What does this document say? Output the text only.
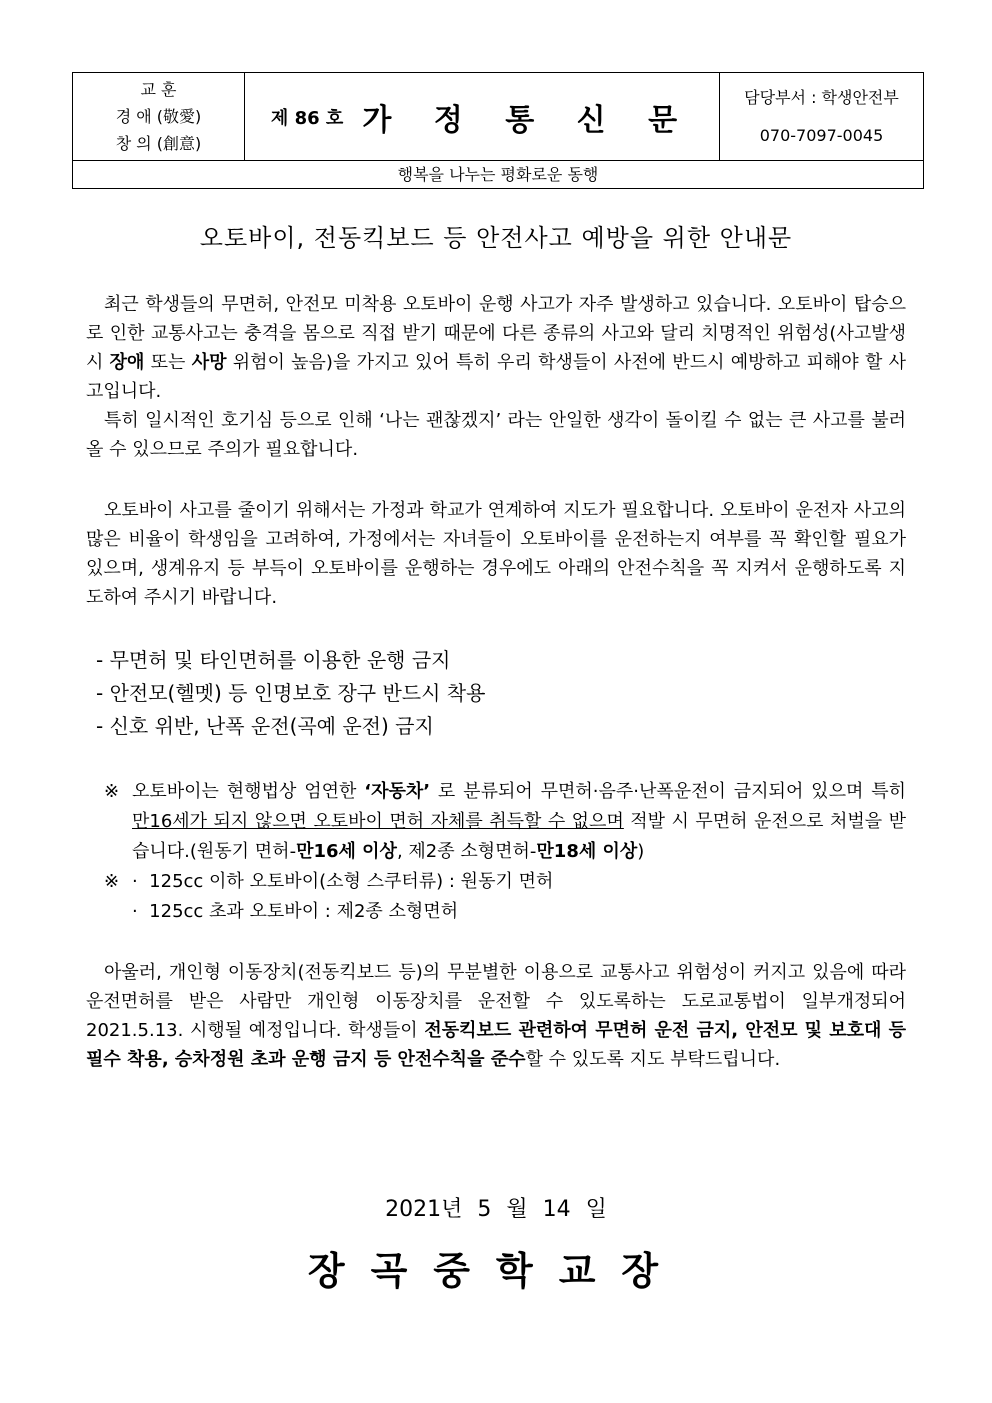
교 훈
경 애 (敬愛)
창 의 (創意)
	제 86 호 가 정 통 신 문	
담당부서 : 학생안전부
070-7097-0045

행복을 나누는 평화로운 동행
오토바이, 전동킥보드 등 안전사고 예방을 위한 안내문

최근 학생들의 무면허, 안전모 미착용 오토바이 운행 사고가 자주 발생하고 있습니다. 오토바이 탑승으로 인한 교통사고는 충격을 몸으로 직접 받기 때문에 다른 종류의 사고와 달리 치명적인 위험성(사고발생 시 장애 또는 사망 위험이 높음)을 가지고 있어 특히 우리 학생들이 사전에 반드시 예방하고 피해야 할 사고입니다.

특히 일시적인 호기심 등으로 인해 ‘나는 괜찮겠지’ 라는 안일한 생각이 돌이킬 수 없는 큰 사고를 불러올 수 있으므로 주의가 필요합니다.

오토바이 사고를 줄이기 위해서는 가정과 학교가 연계하여 지도가 필요합니다. 오토바이 운전자 사고의 많은 비율이 학생임을 고려하여, 가정에서는 자녀들이 오토바이를 운전하는지 여부를 꼭 확인할 필요가 있으며, 생계유지 등 부득이 오토바이를 운행하는 경우에도 아래의 안전수칙을 꼭 지켜서 운행하도록 지도하여 주시기 바랍니다.

- 무면허 및 타인면허를 이용한 운행 금지
- 안전모(헬멧) 등 인명보호 장구 반드시 착용
- 신호 위반, 난폭 운전(곡예 운전) 금지
※ 오토바이는 현행법상 엄연한 ‘자동차’ 로 분류되어 무면허·음주·난폭운전이 금지되어 있으며 특히 만16세가 되지 않으면 오토바이 면허 자체를 취득할 수 없으며 적발 시 무면허 운전으로 처벌을 받습니다.(원동기 면허-만16세 이상, 제2종 소형면허-만18세 이상)
※ ·  125cc 이하 오토바이(소형 스쿠터류) : 원동기 면허
·  125cc 초과 오토바이 : 제2종 소형면허

아울러, 개인형 이동장치(전동킥보드 등)의 무분별한 이용으로 교통사고 위험성이 커지고 있음에 따라 운전면허를 받은 사람만 개인형 이동장치를 운전할 수 있도록하는 도로교통법이 일부개정되어 2021.5.13. 시행될 예정입니다. 학생들이 전동킥보드 관련하여 무면허 운전 금지, 안전모 및 보호대 등 필수 착용, 승차정원 초과 운행 금지 등 안전수칙을 준수할 수 있도록 지도 부탁드립니다.

2021년 5 월 14 일
장곡중학교장
